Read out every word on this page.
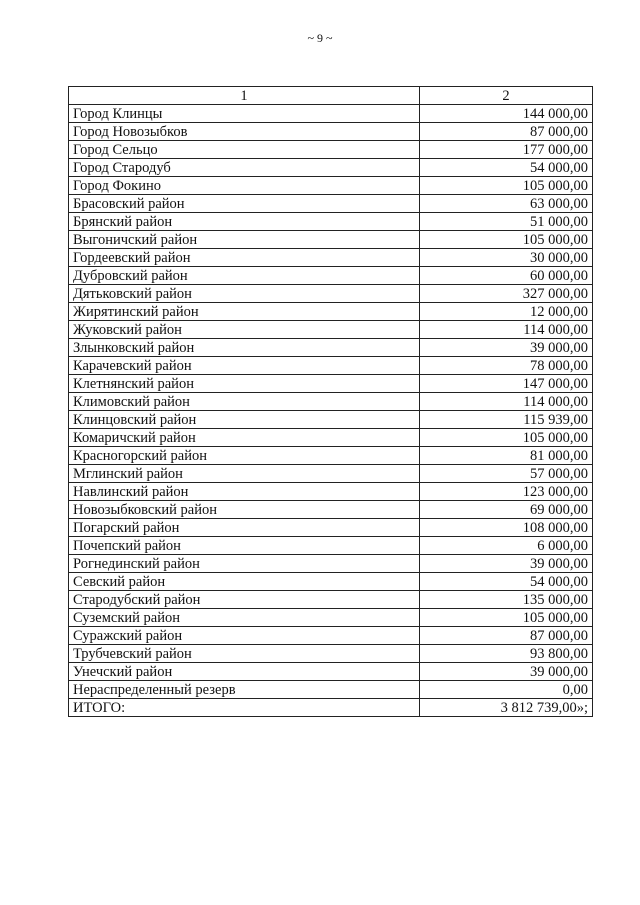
~ 9 ~
1	2
Город Клинцы	144 000,00
Город Новозыбков	87 000,00
Город Сельцо	177 000,00
Город Стародуб	54 000,00
Город Фокино	105 000,00
Брасовский район	63 000,00
Брянский район	51 000,00
Выгоничский район	105 000,00
Гордеевский район	30 000,00
Дубровский район	60 000,00
Дятьковский район	327 000,00
Жирятинский район	12 000,00
Жуковский район	114 000,00
Злынковский район	39 000,00
Карачевский район	78 000,00
Клетнянский район	147 000,00
Климовский район	114 000,00
Клинцовский район	115 939,00
Комаричский район	105 000,00
Красногорский район	81 000,00
Мглинский район	57 000,00
Навлинский район	123 000,00
Новозыбковский район	69 000,00
Погарский район	108 000,00
Почепский район	6 000,00
Рогнединский район	39 000,00
Севский район	54 000,00
Стародубский район	135 000,00
Суземский район	105 000,00
Суражский район	87 000,00
Трубчевский район	93 800,00
Унечский район	39 000,00
Нераспределенный резерв	0,00
ИТОГО:	3 812 739,00»;
